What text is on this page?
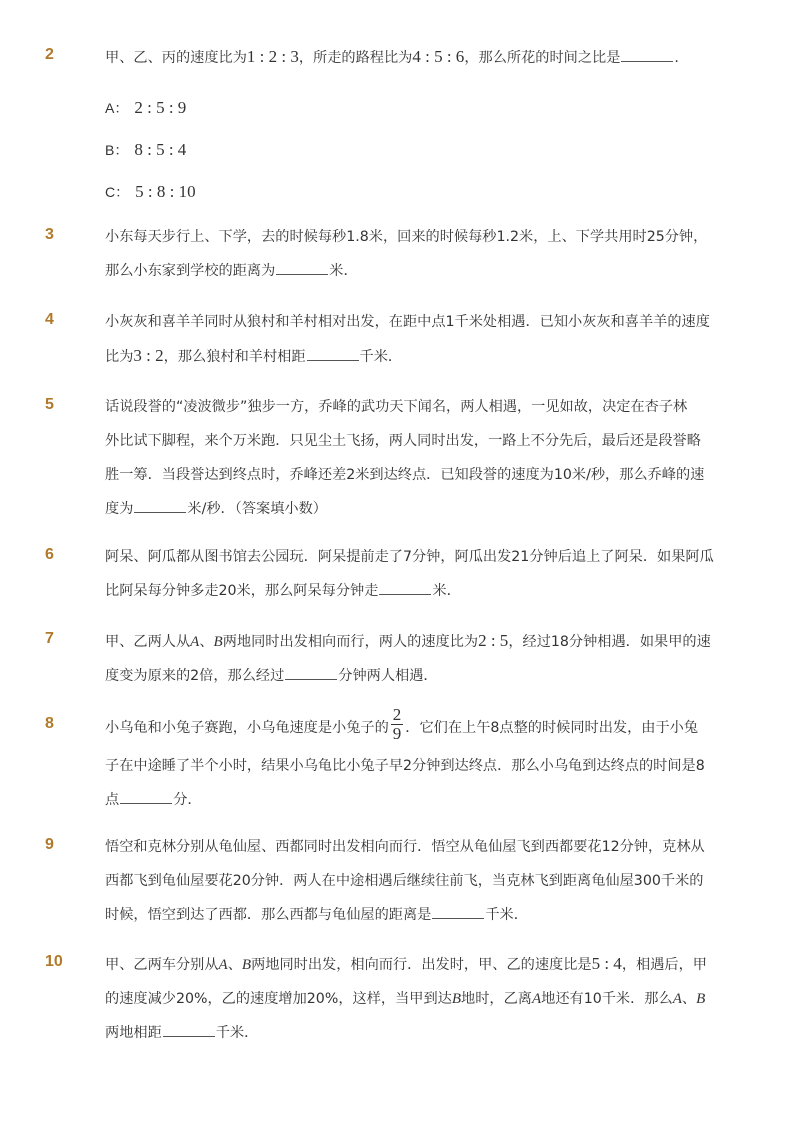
2	甲、乙、丙的速度比为1 : 2 : 3，所走的路程比为4 : 5 : 6，那么所花的时间之比是	.
A： 2 : 5 : 9
B： 8 : 5 : 4
C： 5 : 8 : 10
3	小东每天步行上、下学，去的时候每秒1.8米，回来的时候每秒1.2米，上、下学共用时25分钟，
那么小东家到学校的距离为	米．
4	小灰灰和喜羊羊同时从狼村和羊村相对出发，在距中点1千米处相遇．已知小灰灰和喜羊羊的速度
比为3 : 2，那么狼村和羊村相距	千米．
5	话说段誉的“凌波微步”独步一方，乔峰的武功天下闻名，两人相遇，一见如故，决定在杏子林
外比试下脚程，来个万米跑．只见尘土飞扬，两人同时出发，一路上不分先后，最后还是段誉略
胜一筹．当段誉达到终点时，乔峰还差2米到达终点．已知段誉的速度为10米/秒，那么乔峰的速
度为	米/秒．（答案填小数）
6	阿呆、阿瓜都从图书馆去公园玩．阿呆提前走了7分钟，阿瓜出发21分钟后追上了阿呆．如果阿瓜
比阿呆每分钟多走20米，那么阿呆每分钟走	米．
7	甲、乙两人从A、B两地同时出发相向而行，两人的速度比为2 : 5，经过18分钟相遇．如果甲的速
度变为原来的2倍，那么经过	分钟两人相遇．
8	小乌龟和小兔子赛跑，小乌龟速度是小兔子的 $\frac{2}{9}$ ．它们在上午8点整的时候同时出发，由于小兔
子在中途睡了半个小时，结果小乌龟比小兔子早2分钟到达终点．那么小乌龟到达终点的时间是8
点	分．
9	悟空和克林分别从龟仙屋、西都同时出发相向而行．悟空从龟仙屋飞到西都要花12分钟，克林从
西都飞到龟仙屋要花20分钟．两人在中途相遇后继续往前飞，当克林飞到距离龟仙屋300千米的
时候，悟空到达了西都．那么西都与龟仙屋的距离是	千米．
10	甲、乙两车分别从A、B两地同时出发，相向而行．出发时，甲、乙的速度比是5 : 4，相遇后，甲
的速度减少20%，乙的速度增加20%，这样，当甲到达B地时，乙离A地还有10千米．那么A、B
两地相距	千米．
